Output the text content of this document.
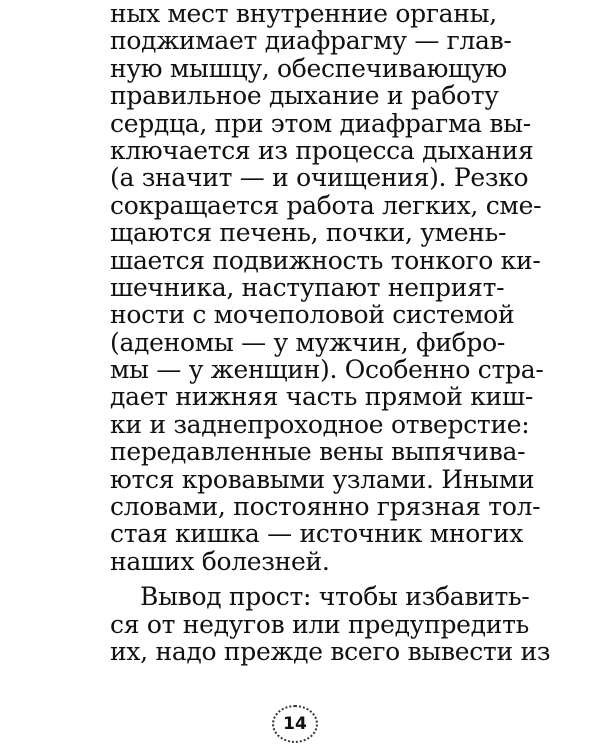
ных мест внутренние органы,
поджимает диафрагму — глав-
ную мышцу, обеспечивающую
правильное дыхание и работу
сердца, при этом диафрагма вы-
ключается из процесса дыхания
(а значит — и очищения). Резко
сокращается работа легких, сме-
щаются печень, почки, умень-
шается подвижность тонкого ки-
шечника, наступают неприят-
ности с мочеполовой системой
(аденомы — у мужчин, фибро-
мы — у женщин). Особенно стра-
дает нижняя часть прямой киш-
ки и заднепроходное отверстие:
передавленные вены выпячива-
ются кровавыми узлами. Иными
словами, постоянно грязная тол-
стая кишка — источник многих
наших болезней.
Вывод прост: чтобы избавить-
ся от недугов или предупредить
их, надо прежде всего вывести из
14
